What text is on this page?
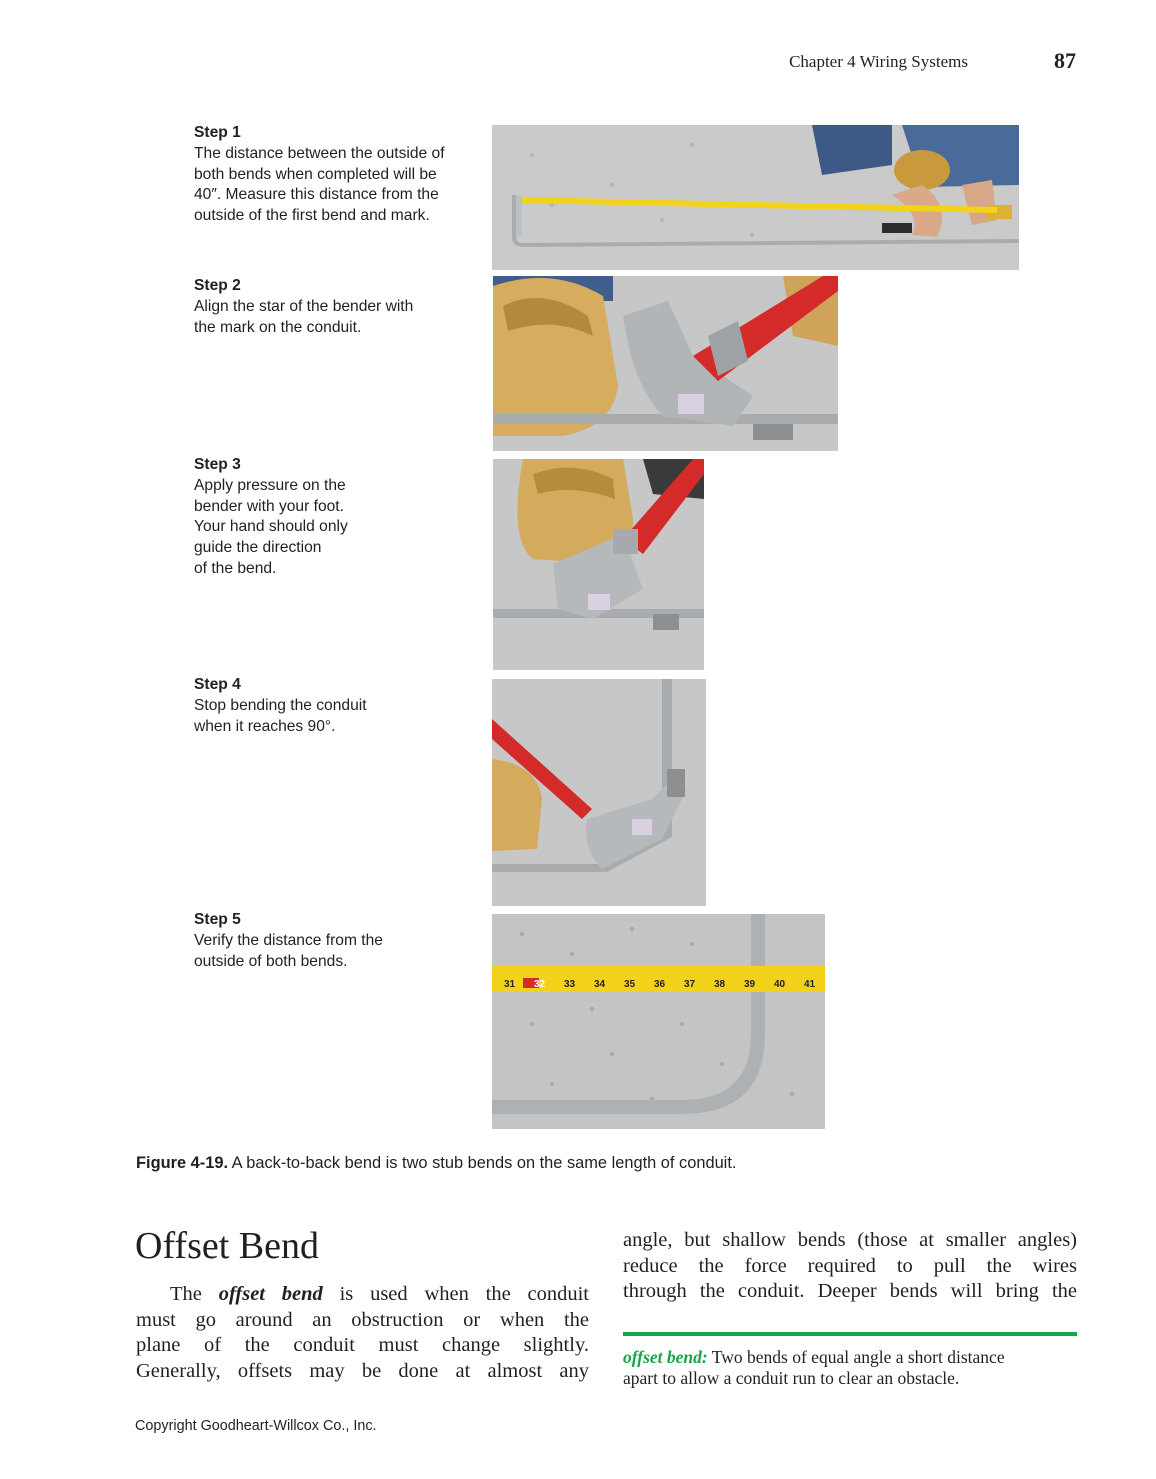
Chapter 4 Wiring Systems	87
Step 1
The distance between the outside of
both bends when completed will be
40″. Measure this distance from the
outside of the first bend and mark.
Step 2
Align the star of the bender with
the mark on the conduit.
Step 3
Apply pressure on the
bender with your foot.
Your hand should only
guide the direction
of the bend.
Step 4
Stop bending the conduit
when it reaches 90°.
Step 5
Verify the distance from the
outside of both bends.
31 32 33 34 35 36 37 38 39 40 41
Figure 4-19. A back-to-back bend is two stub bends on the same length of conduit.
Offset Bend
The offset bend is used when the conduit
must go around an obstruction or when the
plane of the conduit must change slightly.
Generally, offsets may be done at almost any
angle, but shallow bends (those at smaller angles)
reduce the force required to pull the wires
through the conduit. Deeper bends will bring the
offset bend: Two bends of equal angle a short distance
apart to allow a conduit run to clear an obstacle.
Copyright Goodheart-Willcox Co., Inc.
